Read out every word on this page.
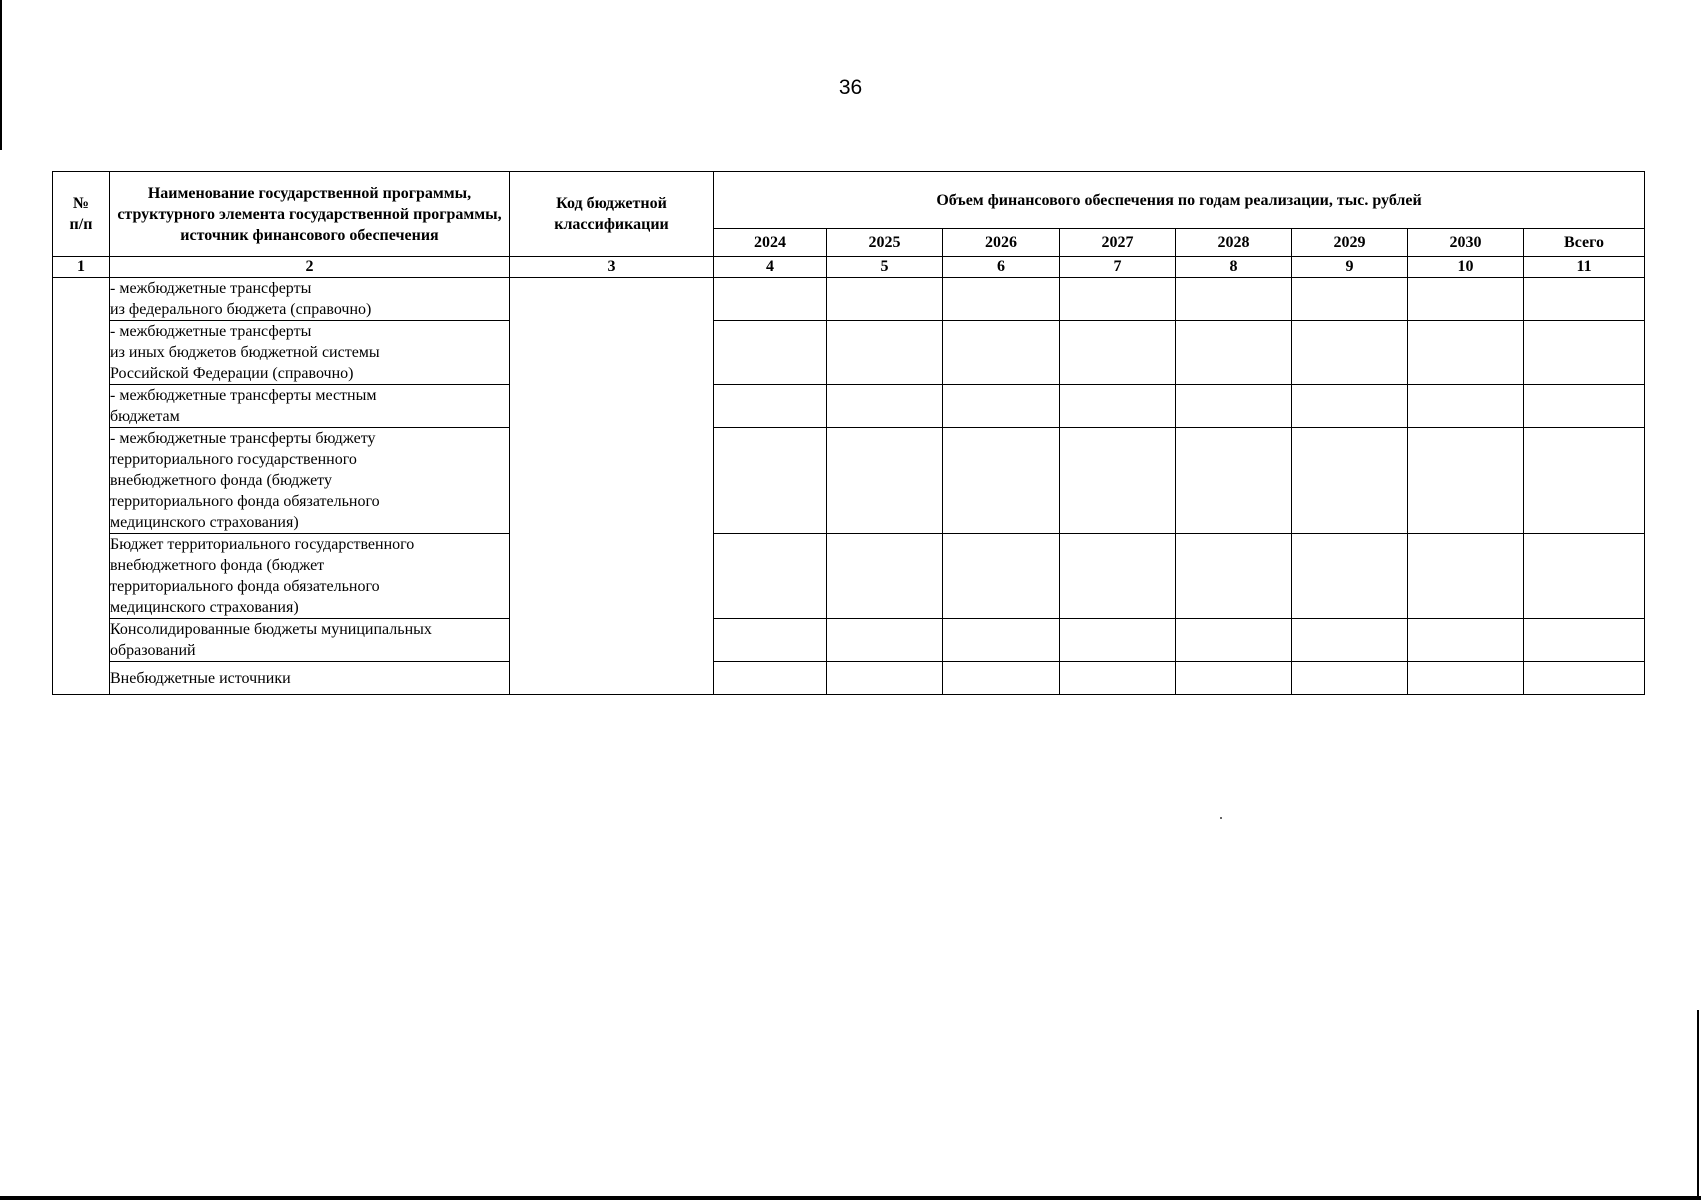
36
№
п/п	Наименование государственной программы, структурного элемента государственной программы, источник финансового обеспечения	Код бюджетной классификации	Объем финансового обеспечения по годам реализации, тыс. рублей							
			2024	2025	2026	2027	2028	2029	2030	Всего
1	2	3	4	5	6	7	8	9	10	11
	- межбюджетные трансферты
из федерального бюджета (справочно)									
	- межбюджетные трансферты
из иных бюджетов бюджетной системы
Российской Федерации (справочно)									
	- межбюджетные трансферты местным
бюджетам									
	- межбюджетные трансферты бюджету
территориального государственного
внебюджетного фонда (бюджету
территориального фонда обязательного
медицинского страхования)									
	Бюджет территориального государственного
внебюджетного фонда (бюджет
территориального фонда обязательного
медицинского страхования)									
	Консолидированные бюджеты муниципальных
образований									
	Внебюджетные источники									
